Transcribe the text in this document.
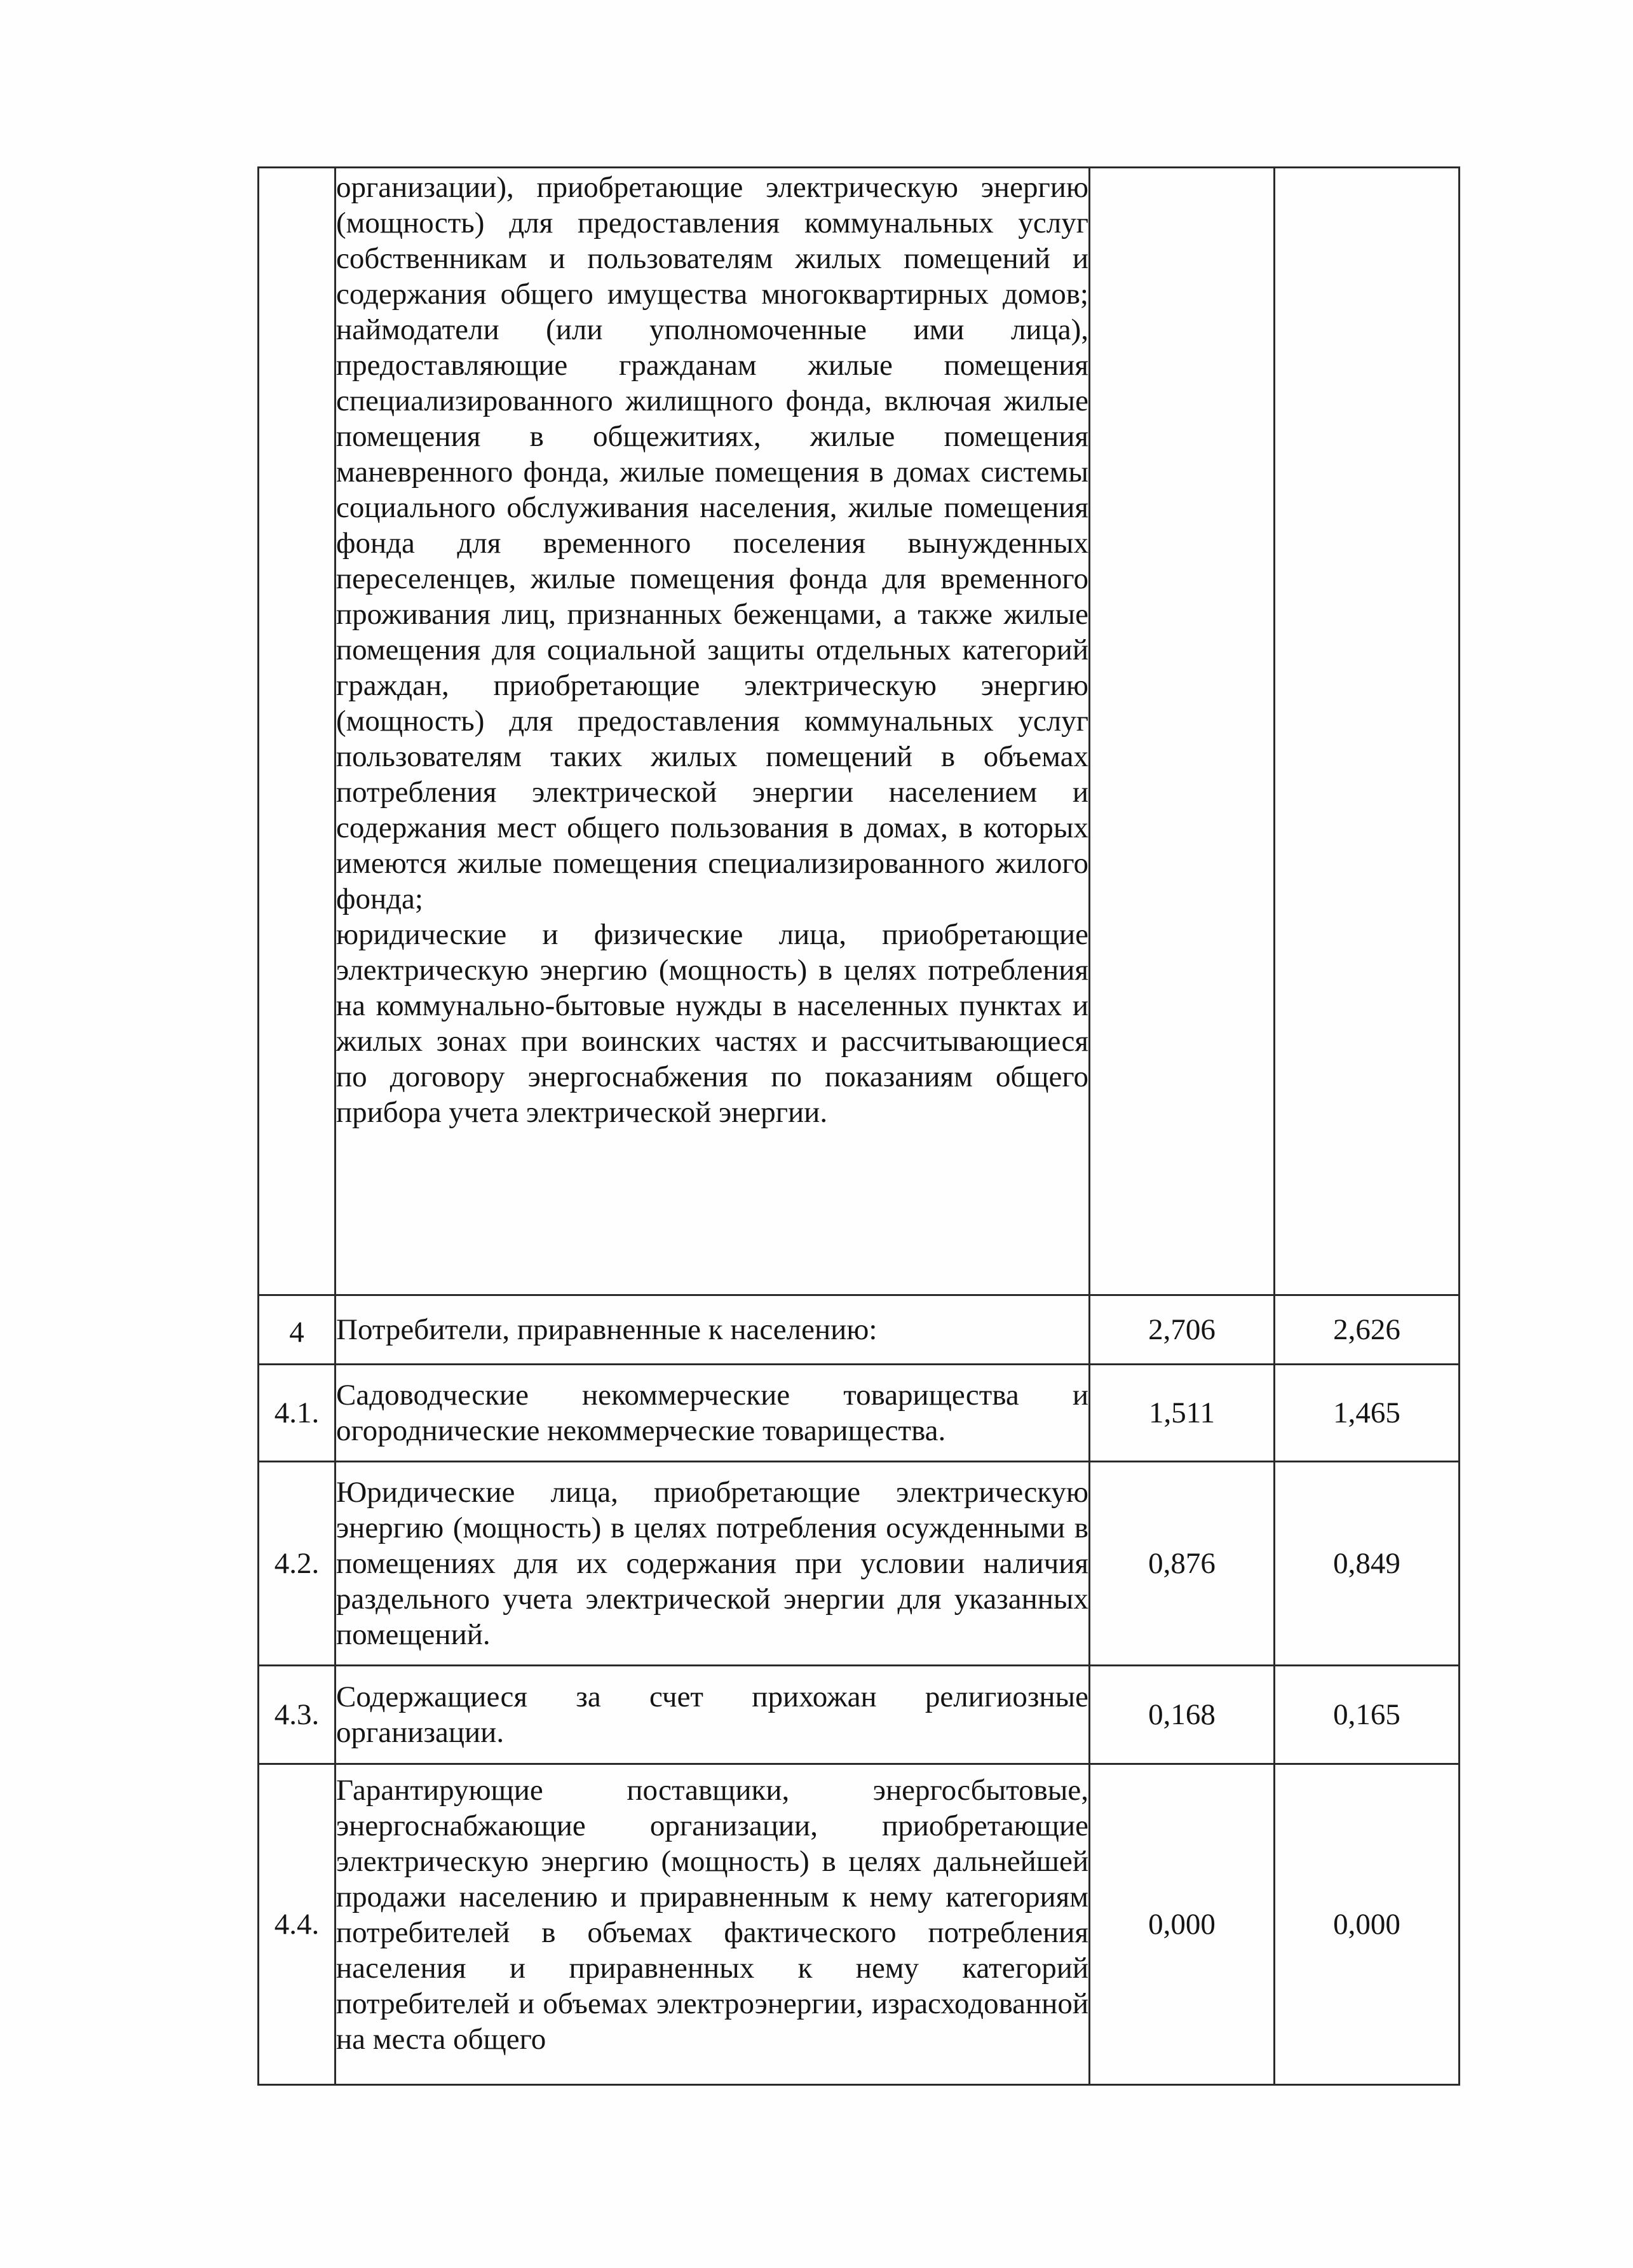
	организации), приобретающие электрическую энергию (мощность) для предоставления коммунальных услуг собственникам и пользователям жилых помещений и содержания общего имущества многоквартирных домов; наймодатели (или уполномоченные ими лица), предоставляющие гражданам жилые помещения специализированного жилищного фонда, включая жилые помещения в общежитиях, жилые помещения маневренного фонда, жилые помещения в домах системы социального обслуживания населения, жилые помещения фонда для временного поселения вынужденных переселенцев, жилые помещения фонда для временного проживания лиц, признанных беженцами, а также жилые помещения для социальной защиты отдельных категорий граждан, приобретающие электрическую энергию (мощность) для предоставления коммунальных услуг пользователям таких жилых помещений в объемах потребления электрической энергии населением и содержания мест общего пользования в домах, в которых имеются жилые помещения специализированного жилого фонда;
юридические и физические лица, приобретающие электрическую энергию (мощность) в целях потребления на коммунально-бытовые нужды в населенных пунктах и жилых зонах при воинских частях и рассчитывающиеся по договору энергоснабжения по показаниям общего прибора учета электрической энергии.		

4	Потребители, приравненные к населению:	2,706	2,626
4.1.	Садоводческие некоммерческие товарищества и огороднические некоммерческие товарищества.	1,511	1,465
4.2.	Юридические лица, приобретающие электрическую энергию (мощность) в целях потребления осужденными в помещениях для их содержания при условии наличия раздельного учета электрической энергии для указанных помещений.	0,876	0,849
4.3.	Содержащиеся за счет прихожан религиозные организации.	0,168	0,165
4.4.	Гарантирующие поставщики, энергосбытовые, энергоснабжающие организации, приобретающие электрическую энергию (мощность) в целях дальнейшей продажи населению и приравненным к нему категориям потребителей в объемах фактического потребления населения и приравненных к нему категорий потребителей и объемах электроэнергии, израсходованной на места общего	0,000	0,000
